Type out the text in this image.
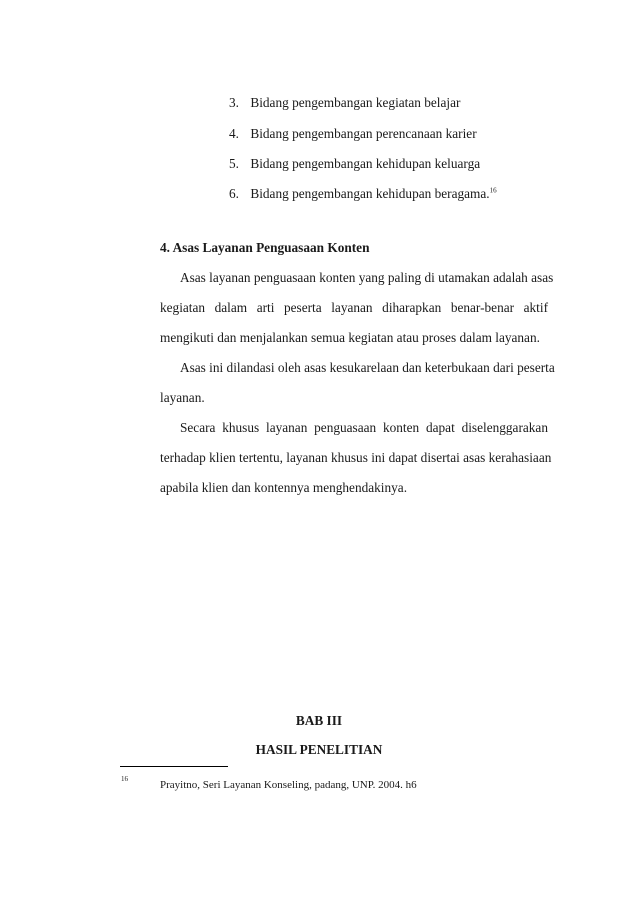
3. Bidang pengembangan kegiatan belajar
4. Bidang pengembangan perencanaan karier
5. Bidang pengembangan kehidupan keluarga
6. Bidang pengembangan kehidupan beragama.$^{16}$
4. Asas Layanan Penguasaan Konten
Asas layanan penguasaan konten yang paling di utamakan adalah asas
kegiatan dalam arti peserta layanan diharapkan benar-benar aktif
mengikuti dan menjalankan semua kegiatan atau proses dalam layanan.
Asas ini dilandasi oleh asas kesukarelaan dan keterbukaan dari peserta
layanan.
Secara khusus layanan penguasaan konten dapat diselenggarakan
terhadap klien tertentu, layanan khusus ini dapat disertai asas kerahasiaan
apabila klien dan kontennya menghendakinya.
BAB III
HASIL PENELITIAN
16	Prayitno, Seri Layanan Konseling, padang, UNP. 2004. h6
